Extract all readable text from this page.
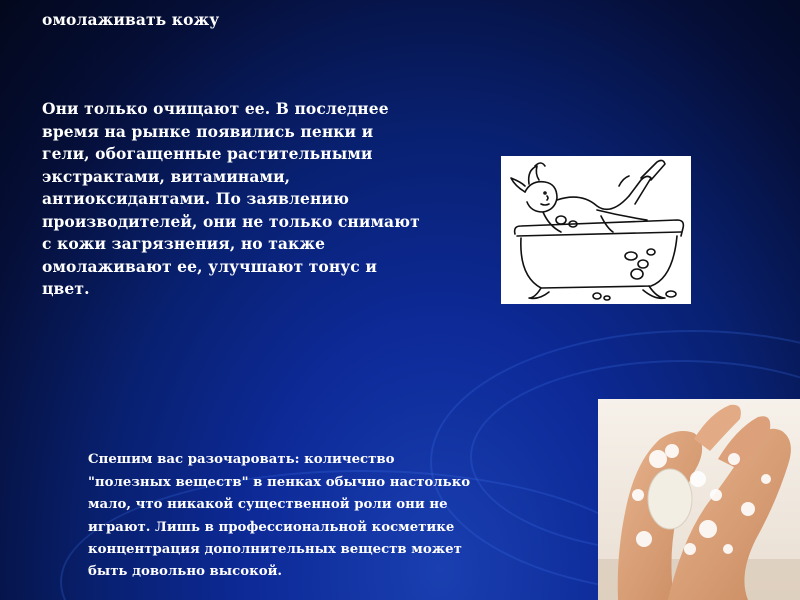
омолаживать кожу

Они только очищают ее. В последнее
время на рынке появились пенки и
гели, обогащенные растительными
экстрактами, витаминами,
антиоксидантами. По заявлению
производителей, они не только снимают
с кожи загрязнения, но также
омолаживают ее, улучшают тонус и
цвет.

Спешим вас разочаровать: количество
"полезных веществ" в пенках обычно настолько
мало, что никакой существенной роли они не
играют. Лишь в профессиональной косметике
концентрация дополнительных веществ может
быть довольно высокой.
